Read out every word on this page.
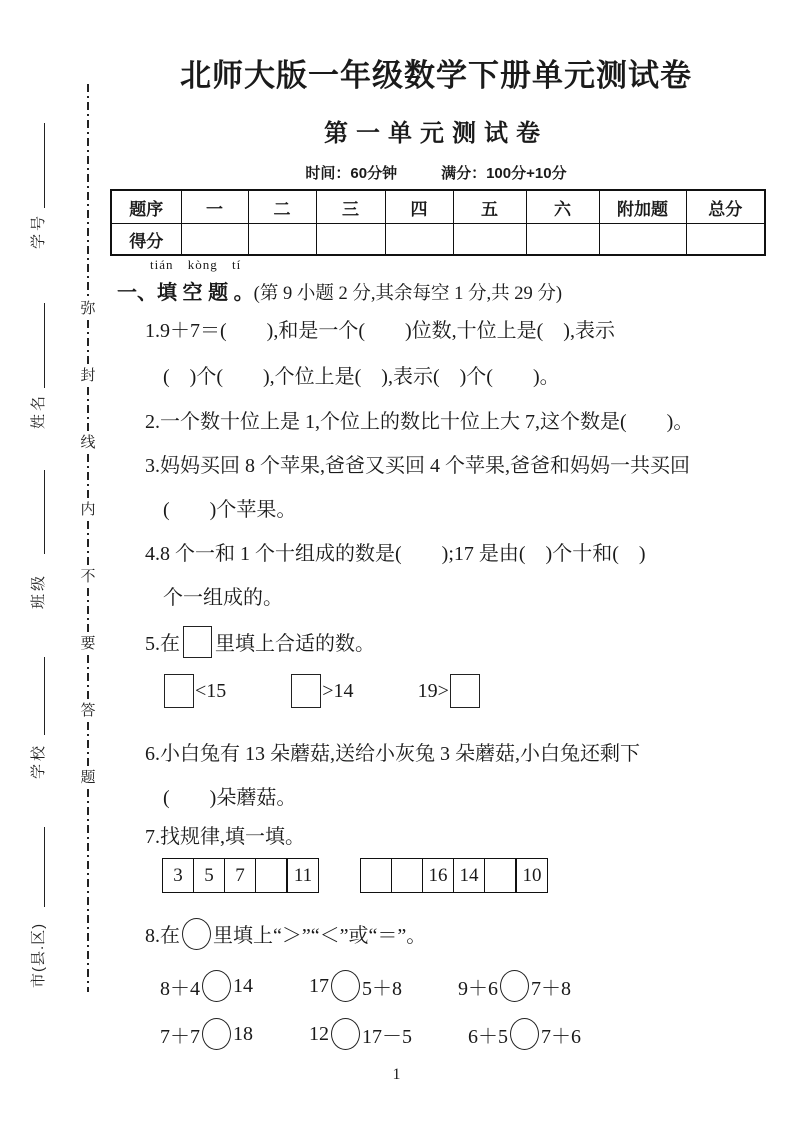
弥
封
线
内
不
要
答
题
学号
姓名
班级
学校
市(县.区)
北师大版一年级数学下册单元测试卷
第一单元测试卷
时间：60分钟	满分：100分+10分
题序	一	二	三	四	五	六	附加题	总分
得分								
tián kòng tí
一、填 空 题 。(第 9 小题 2 分,其余每空 1 分,共 29 分)
1.9＋7＝(　　),和是一个(　　)位数,十位上是(　),表示
(　)个(　　),个位上是(　),表示(　)个(　　)。
2.一个数十位上是 1,个位上的数比十位上大 7,这个数是(　　)。
3.妈妈买回 8 个苹果,爸爸又买回 4 个苹果,爸爸和妈妈一共买回
(　　)个苹果。
4.8 个一和 1 个十组成的数是(　　);17 是由(　)个十和(　)
个一组成的。
5.在 里填上合适的数。
<15	>14	19>
6.小白兔有 13 朵蘑菇,送给小灰兔 3 朵蘑菇,小白兔还剩下
(　　)朵蘑菇。
7.找规律,填一填。
3	5	7	11	16 14	10
8.在 里填上“＞”“＜”或“＝”。
8＋4 14	17 5＋8	9＋6 7＋8
7＋7 18	12 17－5	6＋5 7＋6
1
